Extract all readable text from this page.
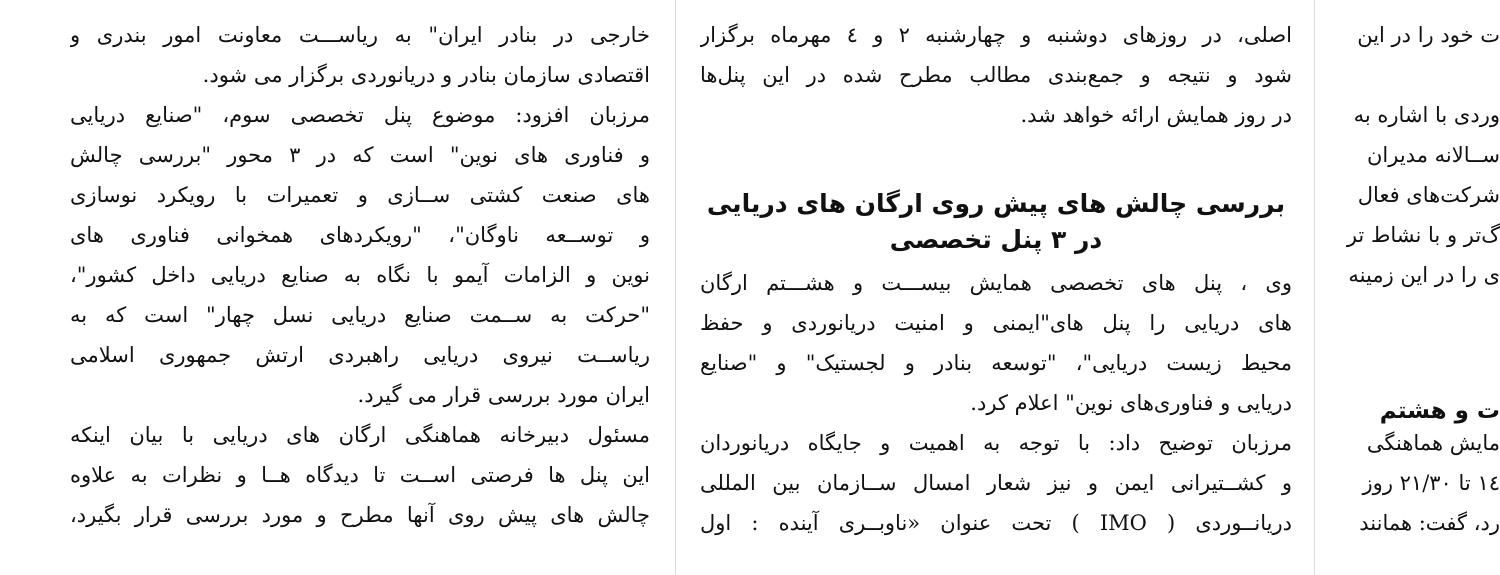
خارجی در بنادر ایران" به ریاســـت معاونت امور بندری و
اقتصادی سازمان بنادر و دریانوردی برگزار می شود.
مرزبان افزود: موضوع پنل تخصصی سوم، "صنایع دریایی
و فناوری های نوین" است که در ۳ محور "بررسی چالش
های صنعت کشتی ســازی و تعمیرات با رویکرد نوسازی
و توســعه ناوگان"، "رویکردهای همخوانی فناوری های
نوین و الزامات آیمو با نگاه به صنایع دریایی داخل کشور"،
"حرکت به ســمت صنایع دریایی نسل چهار" است که به
ریاســت نیروی دریایی راهبردی ارتش جمهوری اسلامی
ایران مورد بررسی قرار می گیرد.
مسئول دبیرخانه هماهنگی ارگان های دریایی با بیان اینکه
این پنل ها فرصتی اســت تا دیدگاه هــا و نظرات به علاوه
چالش های پیش روی آنها مطرح و مورد بررسی قرار بگیرد،
اصلی، در روزهای دوشنبه و چهارشنبه ۲ و ٤ مهرماه برگزار
شود و نتیجه و جمع‌بندی مطالب مطرح شده در این پنل‌ها
در روز همایش ارائه خواهد شد.
بررسی چالش های پیش روی ارگان های دریایی
در ۳ پنل تخصصی
وی ، پنل های تخصصی همایش بیســـت و هشـــتم ارگان
های دریایی را پنل های"ایمنی و امنیت دریانوردی و حفظ
محیط زیست دریایی"، "توسعه بنادر و لجستیک" و "صنایع
دریایی و فناوری‌های نوین" اعلام کرد.
مرزبان توضیح داد: با توجه به اهمیت و جایگاه دریانوردان
و کشــتیرانی ایمن و نیز شعار امسال ســازمان بین المللی
دریانــوردی ( IMO ) تحت عنوان «ناوبــری آینده : اول
ت خود را در این
وردی با اشاره به
ســالانه مدیران
شرکت‌های فعال
گ‌تر و با نشاط تر
ی را در این زمینه
ت و هشتم
مایش هماهنگی
۱٤ تا ۲۱/۳۰ روز
رد، گفت: همانند
